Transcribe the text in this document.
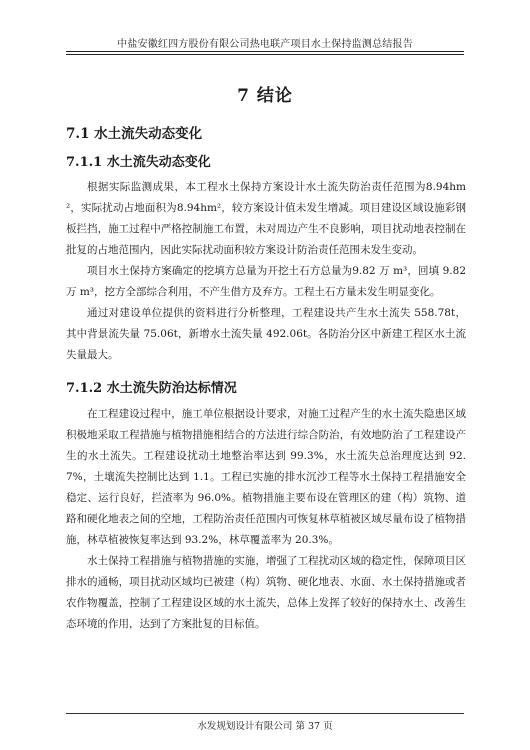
中盐安徽红四方股份有限公司热电联产项目水土保持监测总结报告
7 结论
7.1 水土流失动态变化
7.1.1 水土流失动态变化

根据实际监测成果，本工程水土保持方案设计水土流失防治责任范围为8.94hm²，实际扰动占地面积为8.94hm²，较方案设计值未发生增减。项目建设区域设施彩钢板拦挡，施工过程中严格控制施工布置，未对周边产生不良影响，项目扰动地表控制在批复的占地范围内，因此实际扰动面积较方案设计防治责任范围未发生变动。

项目水土保持方案确定的挖填方总量为开挖土石方总量为9.82 万 m³，回填 9.82 万 m³，挖方全部综合利用，不产生借方及弃方。工程土石方量未发生明显变化。

通过对建设单位提供的资料进行分析整理，工程建设共产生水土流失 558.78t，其中背景流失量 75.06t，新增水土流失量 492.06t。各防治分区中新建工程区水土流失量最大。

7.1.2 水土流失防治达标情况

在工程建设过程中，施工单位根据设计要求，对施工过程产生的水土流失隐患区域积极地采取工程措施与植物措施相结合的方法进行综合防治，有效地防治了工程建设产生的水土流失。工程建设扰动土地整治率达到 99.3%，水土流失总治理度达到 92.7%，土壤流失控制比达到 1.1。工程已实施的排水沉沙工程等水土保持工程措施安全稳定、运行良好，拦渣率为 96.0%。植物措施主要布设在管理区的建（构）筑物、道路和硬化地表之间的空地，工程防治责任范围内可恢复林草植被区域尽量布设了植物措施，林草植被恢复率达到 93.2%，林草覆盖率为 20.3%。

水土保持工程措施与植物措施的实施，增强了工程扰动区域的稳定性，保障项目区排水的通畅，项目扰动区域均已被建（构）筑物、硬化地表、水面、水土保持措施或者农作物覆盖，控制了工程建设区域的水土流失，总体上发挥了较好的保持水土、改善生态环境的作用，达到了方案批复的目标值。

水发规划设计有限公司 第 37 页
